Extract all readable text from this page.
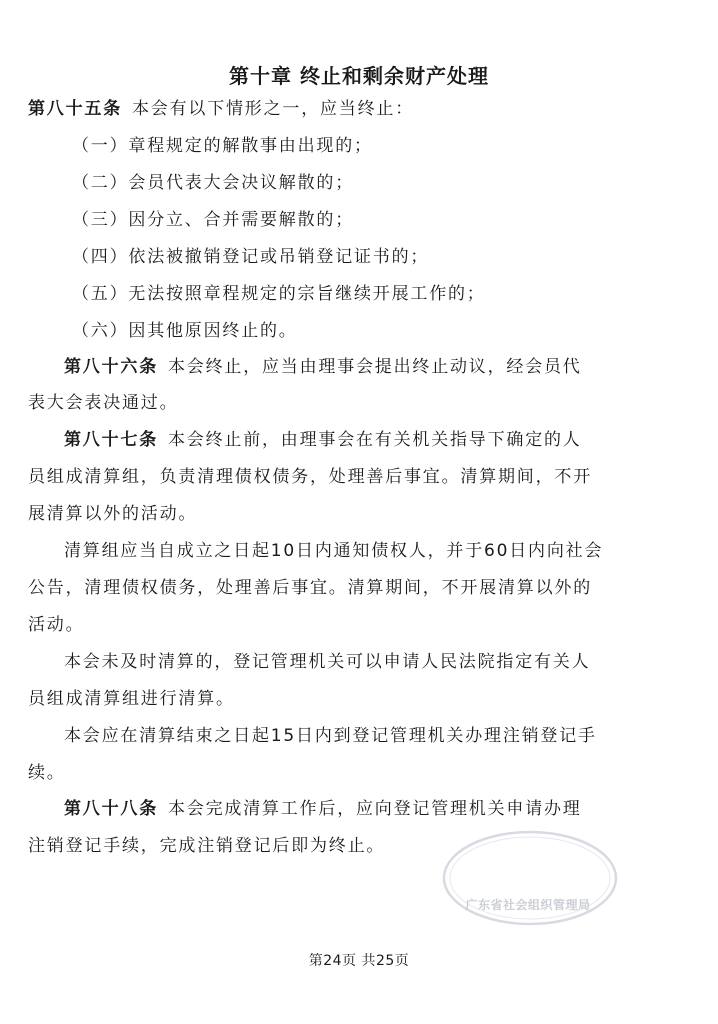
第十章 终止和剩余财产处理
第八十五条 本会有以下情形之一，应当终止：
（一）章程规定的解散事由出现的；
（二）会员代表大会决议解散的；
（三）因分立、合并需要解散的；
（四）依法被撤销登记或吊销登记证书的；
（五）无法按照章程规定的宗旨继续开展工作的；
（六）因其他原因终止的。
第八十六条 本会终止，应当由理事会提出终止动议，经会员代
表大会表决通过。
第八十七条 本会终止前，由理事会在有关机关指导下确定的人
员组成清算组，负责清理债权债务，处理善后事宜。清算期间，不开
展清算以外的活动。
清算组应当自成立之日起10日内通知债权人，并于60日内向社会
公告，清理债权债务，处理善后事宜。清算期间，不开展清算以外的
活动。
本会未及时清算的，登记管理机关可以申请人民法院指定有关人
员组成清算组进行清算。
本会应在清算结束之日起15日内到登记管理机关办理注销登记手
续。
第八十八条 本会完成清算工作后，应向登记管理机关申请办理
注销登记手续，完成注销登记后即为终止。
广东省社会组织管理局
第24页 共25页
